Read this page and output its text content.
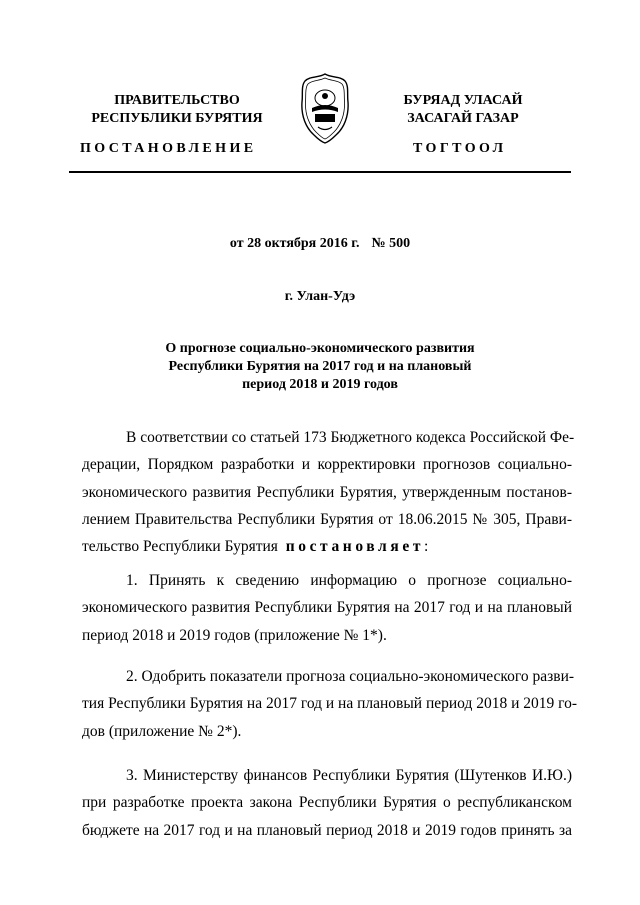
ПРАВИТЕЛЬСТВО
РЕСПУБЛИКИ БУРЯТИЯ
БУРЯАД УЛАСАЙ
ЗАСАГАЙ ГАЗАР
ПОСТАНОВЛЕНИЕ	ТОГТООЛ
от 28 октября 2016 г. № 500
г. Улан-Удэ
О прогнозе социально-экономического развития
Республики Бурятия на 2017 год и на плановый
период 2018 и 2019 годов
В соответствии со статьей 173 Бюджетного кодекса Российской Фе-
дерации, Порядком разработки и корректировки прогнозов социально-
экономического развития Республики Бурятия, утвержденным постанов-
лением Правительства Республики Бурятия от 18.06.2015 № 305, Прави-
тельство Республики Бурятия постановляет:
1. Принять к сведению информацию о прогнозе социально-
экономического развития Республики Бурятия на 2017 год и на плановый
период 2018 и 2019 годов (приложение № 1*).
2. Одобрить показатели прогноза социально-экономического разви-
тия Республики Бурятия на 2017 год и на плановый период 2018 и 2019 го-
дов (приложение № 2*).
3. Министерству финансов Республики Бурятия (Шутенков И.Ю.)
при разработке проекта закона Республики Бурятия о республиканском
бюджете на 2017 год и на плановый период 2018 и 2019 годов принять за
